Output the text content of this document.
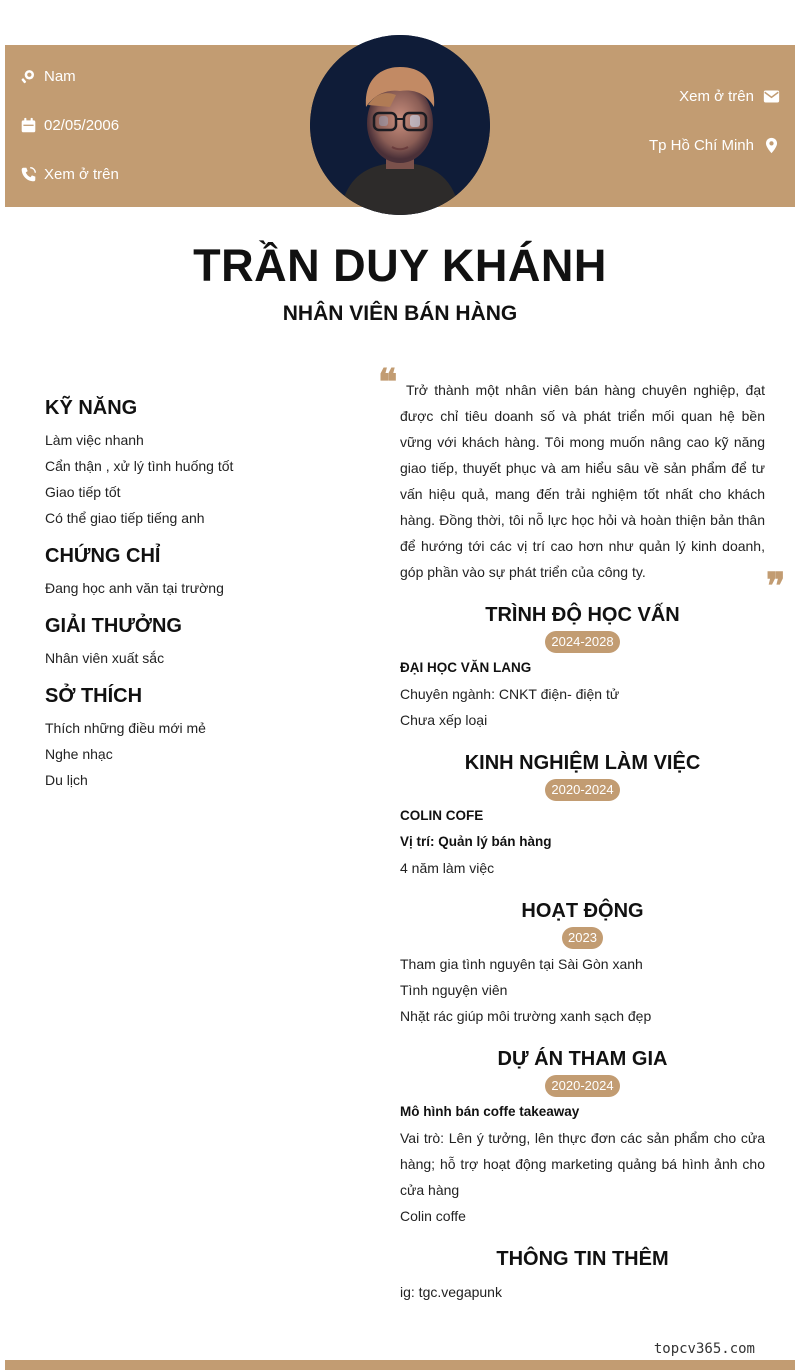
Nam
02/05/2006
Xem ở trên
Xem ở trên
Tp Hồ Chí Minh
TRẦN DUY KHÁNH
NHÂN VIÊN BÁN HÀNG
KỸ NĂNG
Làm việc nhanh
Cẩn thận , xử lý tình huống tốt
Giao tiếp tốt
Có thể giao tiếp tiếng anh
CHỨNG CHỈ
Đang học anh văn tại trường
GIẢI THƯỞNG
Nhân viên xuất sắc
SỞ THÍCH
Thích những điều mới mẻ
Nghe nhạc
Du lịch
❝ Trở thành một nhân viên bán hàng chuyên nghiệp, đạt được chỉ tiêu doanh số và phát triển mối quan hệ bền vững với khách hàng. Tôi mong muốn nâng cao kỹ năng giao tiếp, thuyết phục và am hiểu sâu về sản phẩm để tư vấn hiệu quả, mang đến trải nghiệm tốt nhất cho khách hàng. Đồng thời, tôi nỗ lực học hỏi và hoàn thiện bản thân để hướng tới các vị trí cao hơn như quản lý kinh doanh, góp phần vào sự phát triển của công ty.	❞
TRÌNH ĐỘ HỌC VẤN
2024-2028
ĐẠI HỌC VĂN LANG
Chuyên ngành: CNKT điện- điện tử
Chưa xếp loại
KINH NGHIỆM LÀM VIỆC
2020-2024
COLIN COFE
Vị trí: Quản lý bán hàng
4 năm làm việc
HOẠT ĐỘNG
2023
Tham gia tình nguyên tại Sài Gòn xanh
Tình nguyện viên
Nhặt rác giúp môi trường xanh sạch đẹp
DỰ ÁN THAM GIA
2020-2024
Mô hình bán coffe takeaway
Vai trò: Lên ý tưởng, lên thực đơn các sản phẩm cho cửa hàng; hỗ trợ hoạt động marketing quảng bá hình ảnh cho cửa hàng
Colin coffe
THÔNG TIN THÊM
ig: tgc.vegapunk
topcv365.com
